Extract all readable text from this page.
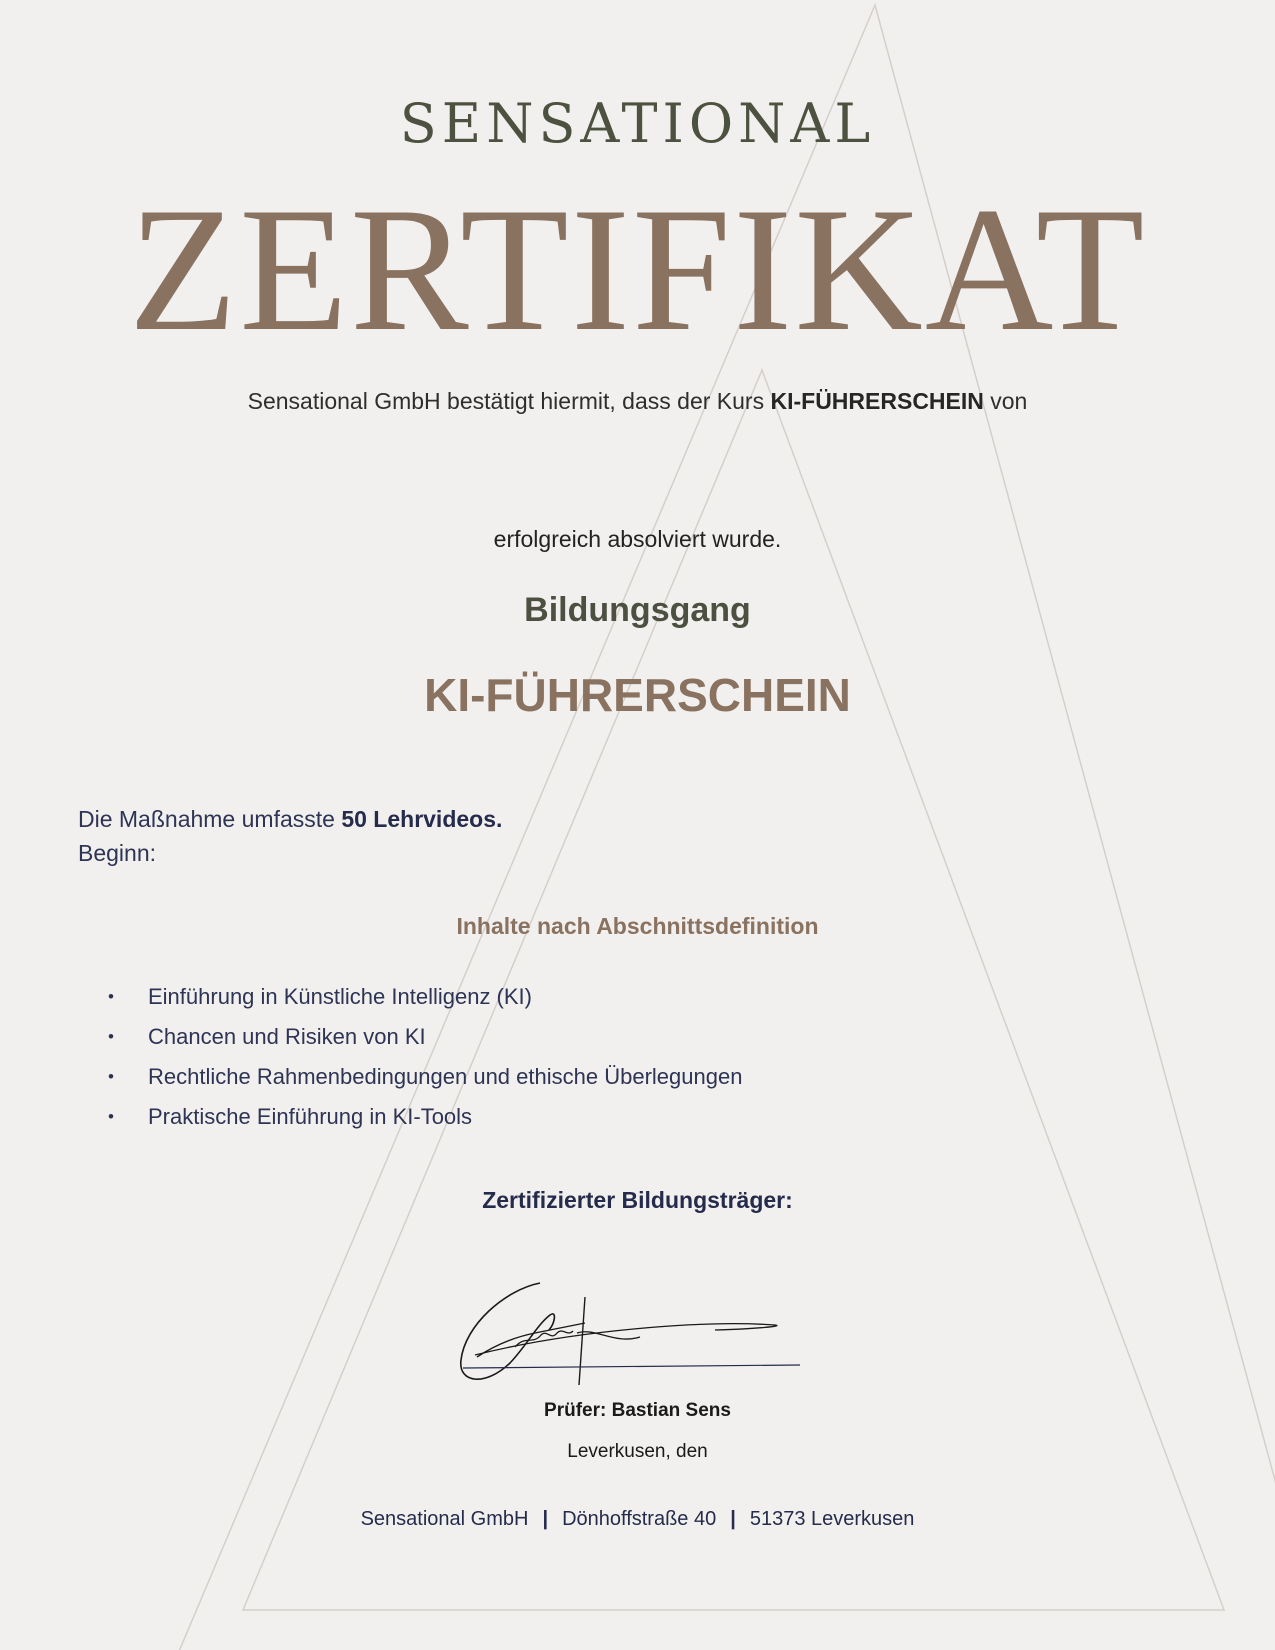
SENSATIONAL
ZERTIFIKAT
Sensational GmbH bestätigt hiermit, dass der Kurs KI-FÜHRERSCHEIN von
erfolgreich absolviert wurde.
Bildungsgang
KI-FÜHRERSCHEIN
Die Maßnahme umfasste 50 Lehrvideos.
Beginn:
Inhalte nach Abschnittsdefinition
• Einführung in Künstliche Intelligenz (KI)
• Chancen und Risiken von KI
• Rechtliche Rahmenbedingungen und ethische Überlegungen
• Praktische Einführung in KI-Tools
Zertifizierter Bildungsträger:
Prüfer: Bastian Sens
Leverkusen, den
Sensational GmbH | Dönhoffstraße 40 | 51373 Leverkusen
